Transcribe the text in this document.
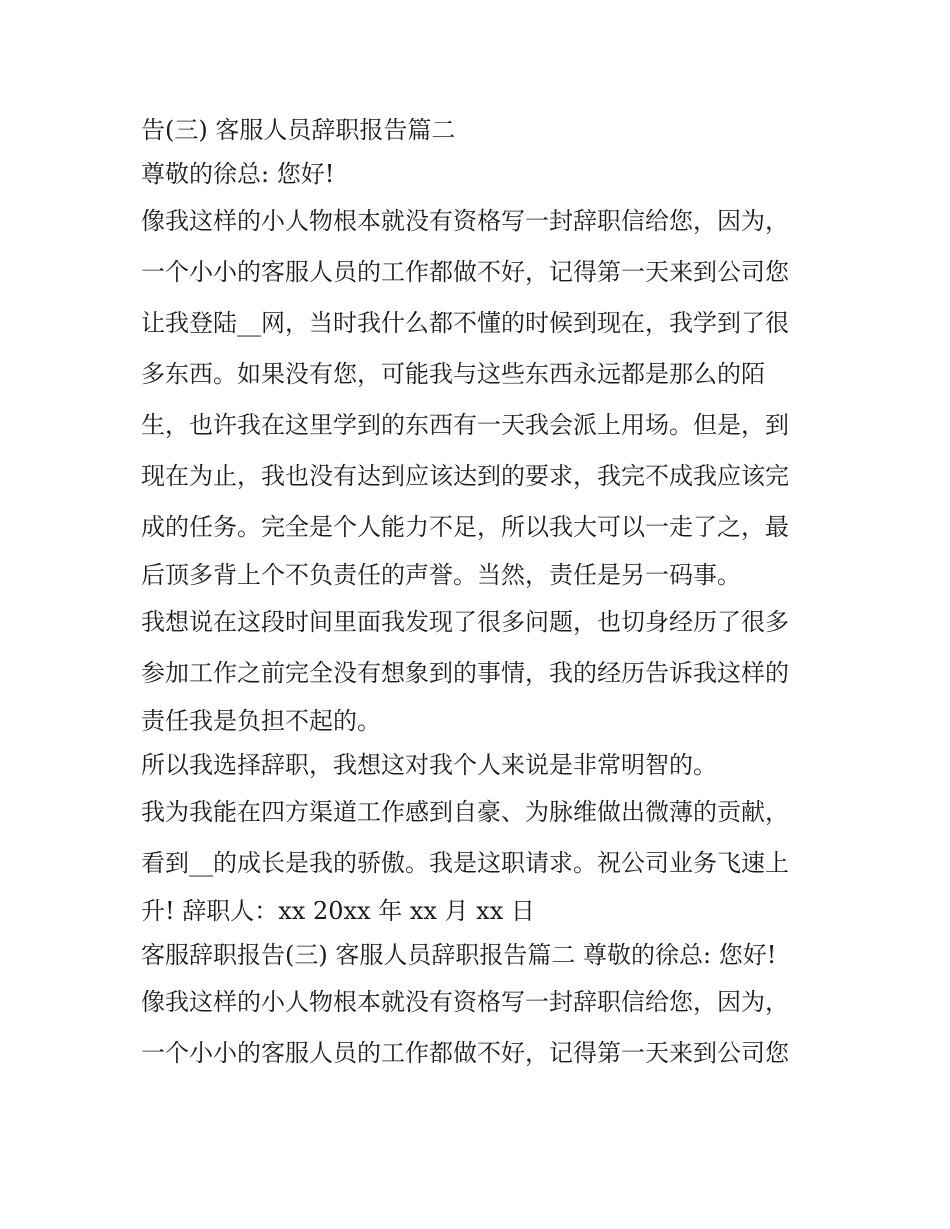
告(三) 客服人员辞职报告篇二
尊敬的徐总: 您好!
像我这样的小人物根本就没有资格写一封辞职信给您，因为，
一个小小的客服人员的工作都做不好，记得第一天来到公司您
让我登陆__网，当时我什么都不懂的时候到现在，我学到了很
多东西。如果没有您，可能我与这些东西永远都是那么的陌
生，也许我在这里学到的东西有一天我会派上用场。但是，到
现在为止，我也没有达到应该达到的要求，我完不成我应该完
成的任务。完全是个人能力不足，所以我大可以一走了之，最
后顶多背上个不负责任的声誉。当然，责任是另一码事。
我想说在这段时间里面我发现了很多问题，也切身经历了很多
参加工作之前完全没有想象到的事情，我的经历告诉我这样的
责任我是负担不起的。
所以我选择辞职，我想这对我个人来说是非常明智的。
我为我能在四方渠道工作感到自豪、为脉维做出微薄的贡献，
看到__的成长是我的骄傲。我是这职请求。祝公司业务飞速上
升! 辞职人：xx 20xx 年 xx 月 xx 日
客服辞职报告(三) 客服人员辞职报告篇二 尊敬的徐总: 您好!
像我这样的小人物根本就没有资格写一封辞职信给您，因为，
一个小小的客服人员的工作都做不好，记得第一天来到公司您
